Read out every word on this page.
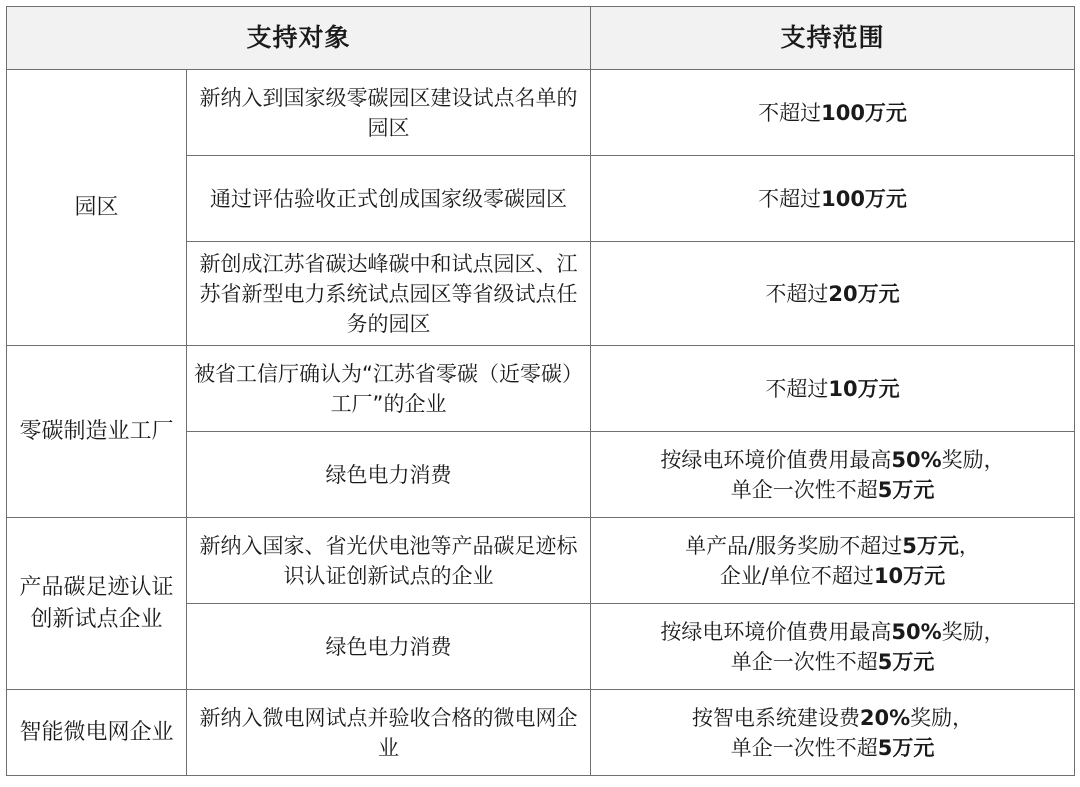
支持对象		支持范围
园区	新纳入到国家级零碳园区建设试点名单的园区	不超过100万元
	通过评估验收正式创成国家级零碳园区	不超过100万元
	新创成江苏省碳达峰碳中和试点园区、江苏省新型电力系统试点园区等省级试点任务的园区	不超过20万元
零碳制造业工厂	被省工信厅确认为“江苏省零碳（近零碳）工厂”的企业	不超过10万元
	绿色电力消费	按绿电环境价值费用最高50%奖励，
单企一次性不超5万元

产品碳足迹认证创新试点企业	新纳入国家、省光伏电池等产品碳足迹标识认证创新试点的企业	单产品/服务奖励不超过5万元，
企业/单位不超过10万元

	绿色电力消费	按绿电环境价值费用最高50%奖励，
单企一次性不超5万元

智能微电网企业	新纳入微电网试点并验收合格的微电网企业	按智电系统建设费20%奖励，
单企一次性不超5万元
